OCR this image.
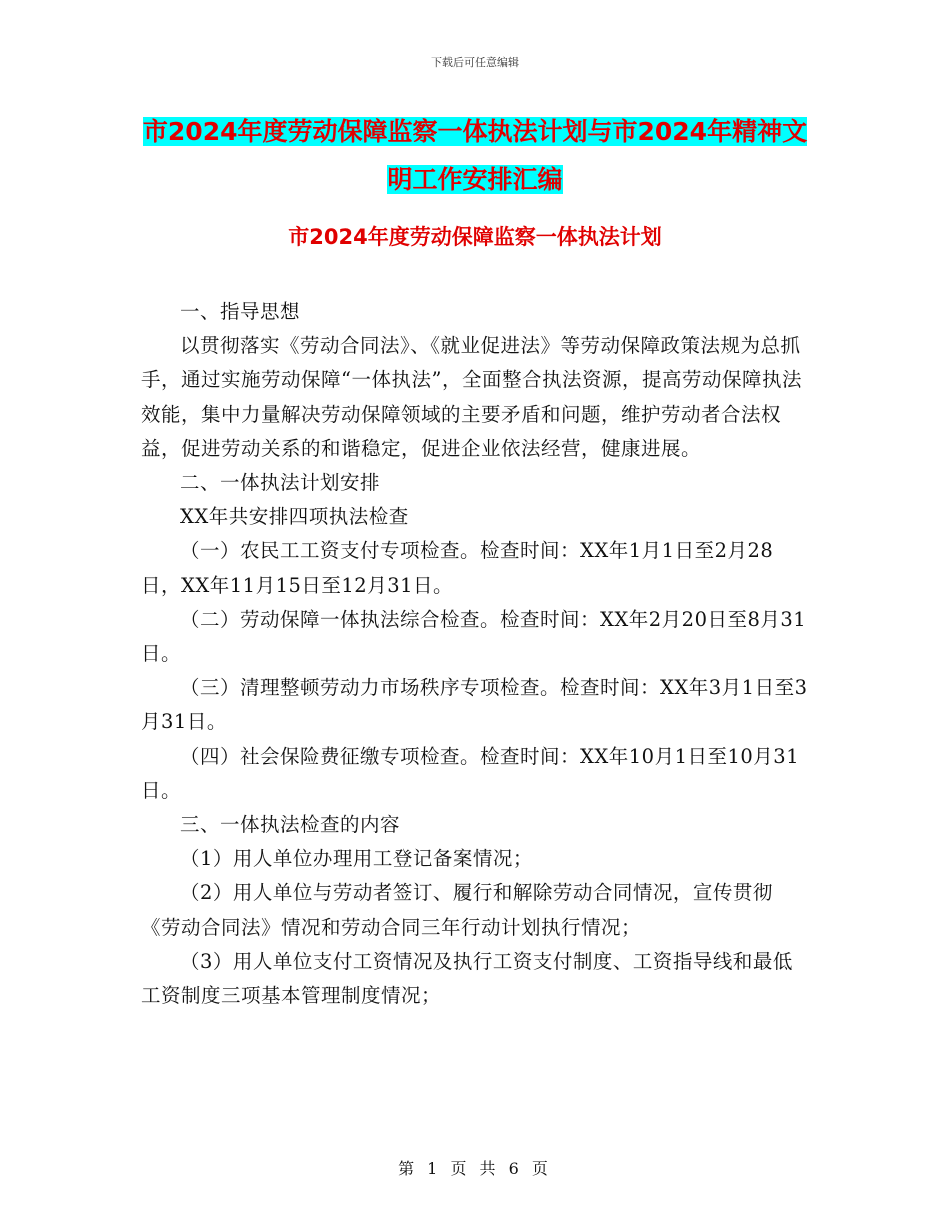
下载后可任意编辑
市2024年度劳动保障监察一体执法计划与市2024年精神文明工作安排汇编
市2024年度劳动保障监察一体执法计划

一、指导思想

以贯彻落实《劳动合同法》、《就业促进法》等劳动保障政策法规为总抓手，通过实施劳动保障“一体执法”，全面整合执法资源，提高劳动保障执法效能，集中力量解决劳动保障领域的主要矛盾和问题，维护劳动者合法权益，促进劳动关系的和谐稳定，促进企业依法经营，健康进展。

二、一体执法计划安排

XX年共安排四项执法检查

（一）农民工工资支付专项检查。检查时间：XX年1月1日至2月28日，XX年11月15日至12月31日。

（二）劳动保障一体执法综合检查。检查时间：XX年2月20日至8月31日。

（三）清理整顿劳动力市场秩序专项检查。检查时间：XX年3月1日至3月31日。

（四）社会保险费征缴专项检查。检查时间：XX年10月1日至10月31日。

三、一体执法检查的内容

（1）用人单位办理用工登记备案情况；

（2）用人单位与劳动者签订、履行和解除劳动合同情况，宣传贯彻《劳动合同法》情况和劳动合同三年行动计划执行情况；

（3）用人单位支付工资情况及执行工资支付制度、工资指导线和最低工资制度三项基本管理制度情况；

第 1 页 共 6 页
